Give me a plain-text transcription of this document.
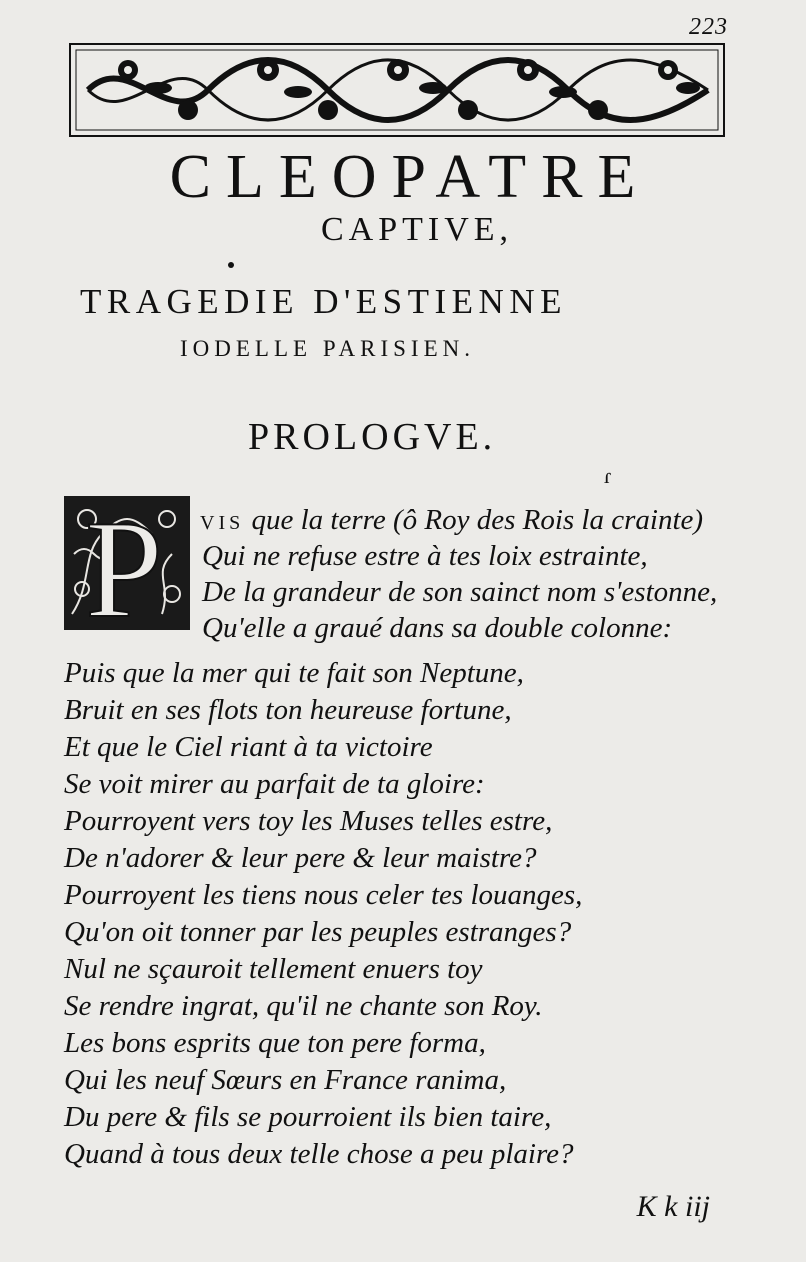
223
CLEOPATRE
CAPTIVE,
TRAGEDIE D'ESTIENNE
IODELLE PARISIEN.
PROLOGVE.
ɾ
P VIS que la terre (ô Roy des Rois la crainte)
Qui ne refuse estre à tes loix estrainte,
De la grandeur de son sainct nom s'estonne,
Qu'elle a graué dans sa double colonne:
Puis que la mer qui te fait son Neptune,
Bruit en ses flots ton heureuse fortune,
Et que le Ciel riant à ta victoire
Se voit mirer au parfait de ta gloire:
Pourroyent vers toy les Muses telles estre,
De n'adorer & leur pere & leur maistre?
Pourroyent les tiens nous celer tes louanges,
Qu'on oit tonner par les peuples estranges?
Nul ne sçauroit tellement enuers toy
Se rendre ingrat, qu'il ne chante son Roy.
Les bons esprits que ton pere forma,
Qui les neuf Sœurs en France ranima,
Du pere & fils se pourroient ils bien taire,
Quand à tous deux telle chose a peu plaire?
K k iij
